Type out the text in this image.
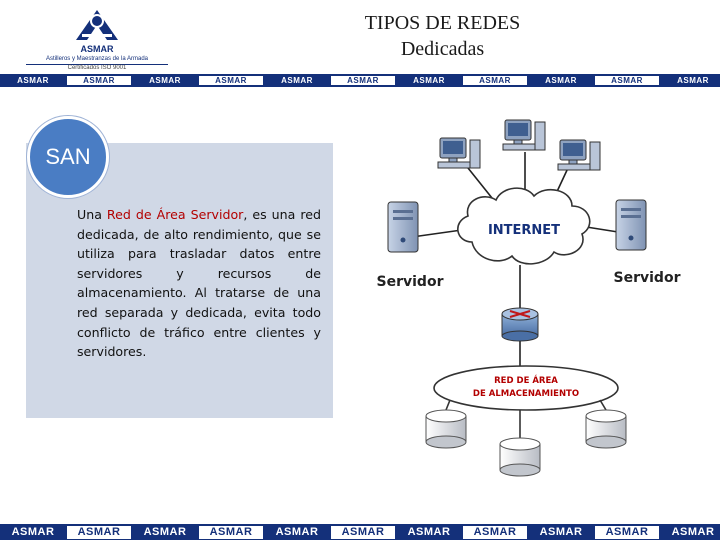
ASMAR
Astilleros y Maestranzas de la Armada
Certificados ISO 9001
TIPOS DE REDES
Dedicadas
ASMAR	ASMAR	ASMAR	ASMAR	ASMAR	ASMAR	ASMAR	ASMAR	ASMAR	ASMAR	ASMAR
SAN
Una Red de Área Servidor, es una red dedicada, de alto rendimiento, que se utiliza para trasladar datos entre servidores y recursos de almacenamiento. Al tratarse de una red separada y dedicada, evita todo conflicto de tráfico entre clientes y servidores.
INTERNET
Servidor	Servidor
RED DE ÁREA
DE ALMACENAMIENTO
ASMAR	ASMAR	ASMAR	ASMAR	ASMAR	ASMAR	ASMAR	ASMAR	ASMAR	ASMAR	ASMAR
